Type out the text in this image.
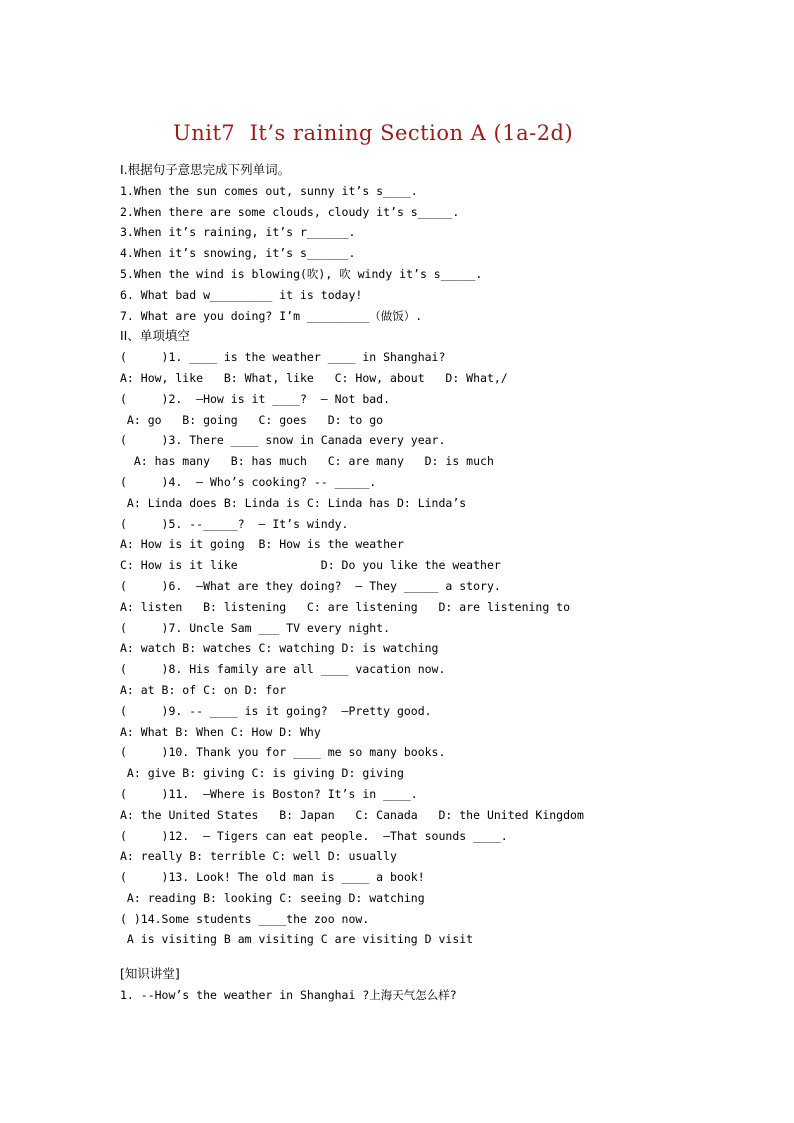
Unit7  It’s raining Section A (1a-2d)
I.根据句子意思完成下列单词。
1.When the sun comes out, sunny it’s s____.
2.When there are some clouds, cloudy it’s s_____.
3.When it’s raining, it’s r______.
4.When it’s snowing, it’s s______.
5.When the wind is blowing(吹), 吹 windy it’s s_____.
6. What bad w_________ it is today!
7. What are you doing? I’m _________（做饭）.
II、单项填空
(     )1. ____ is the weather ____ in Shanghai?
A: How, like   B: What, like   C: How, about   D: What,/
(     )2.  –How is it ____?  – Not bad.
A: go   B: going   C: goes   D: to go
(     )3. There ____ snow in Canada every year.
A: has many   B: has much   C: are many   D: is much
(     )4.  – Who’s cooking? -- _____.
A: Linda does B: Linda is C: Linda has D: Linda’s
(     )5. --_____?  – It’s windy.
A: How is it going  B: How is the weather
C: How is it like            D: Do you like the weather
(     )6.  –What are they doing?  – They _____ a story.
A: listen   B: listening   C: are listening   D: are listening to
(     )7. Uncle Sam ___ TV every night.
A: watch B: watches C: watching D: is watching
(     )8. His family are all ____ vacation now.
A: at B: of C: on D: for
(     )9. -- ____ is it going?  –Pretty good.
A: What B: When C: How D: Why
(     )10. Thank you for ____ me so many books.
A: give B: giving C: is giving D: giving
(     )11.  –Where is Boston? It’s in ____.
A: the United States   B: Japan   C: Canada   D: the United Kingdom
(     )12.  – Tigers can eat people.  –That sounds ____.
A: really B: terrible C: well D: usually
(     )13. Look! The old man is ____ a book!
A: reading B: looking C: seeing D: watching
( )14.Some students ____the zoo now.
A is visiting B am visiting C are visiting D visit
[知识讲堂]
1. --How’s the weather in Shanghai ?上海天气怎么样?
